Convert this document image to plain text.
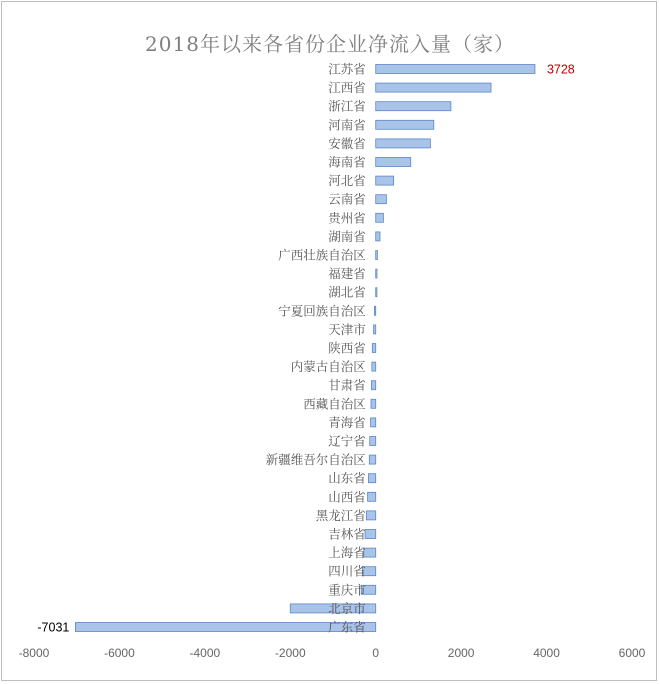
2018年以来各省份企业净流入量（家）
江苏省
江西省
浙江省
河南省
安徽省
海南省
河北省
云南省
贵州省
湖南省
广西壮族自治区
福建省
湖北省
宁夏回族自治区
天津市
陕西省
内蒙古自治区
甘肃省
西藏自治区
青海省
辽宁省
新疆维吾尔自治区
山东省
山西省
黑龙江省
吉林省
上海省
四川省
重庆市
北京市
广东省
-8000	-6000	-4000	-2000	0	2000	4000	6000
3728
-7031
